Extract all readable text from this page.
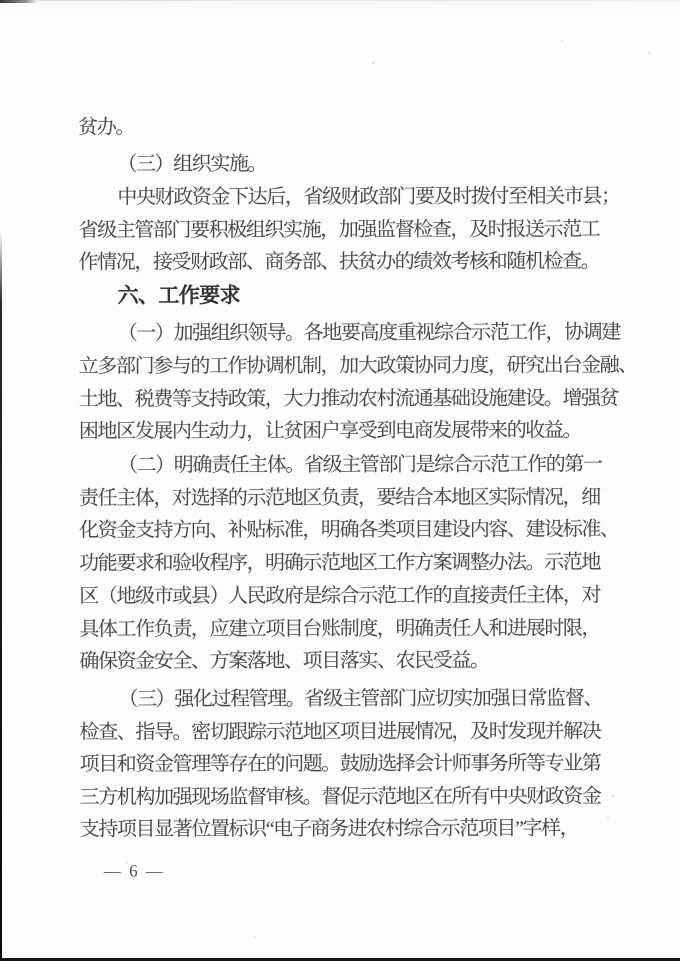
贫办。
（三）组织实施。
中央财政资金下达后，省级财政部门要及时拨付至相关市县；
省级主管部门要积极组织实施，加强监督检查，及时报送示范工
作情况，接受财政部、商务部、扶贫办的绩效考核和随机检查。
六、工作要求
（一）加强组织领导。各地要高度重视综合示范工作，协调建
立多部门参与的工作协调机制，加大政策协同力度，研究出台金融、
土地、税费等支持政策，大力推动农村流通基础设施建设。增强贫
困地区发展内生动力，让贫困户享受到电商发展带来的收益。
（二）明确责任主体。省级主管部门是综合示范工作的第一
责任主体，对选择的示范地区负责，要结合本地区实际情况，细
化资金支持方向、补贴标准，明确各类项目建设内容、建设标准、
功能要求和验收程序，明确示范地区工作方案调整办法。示范地
区（地级市或县）人民政府是综合示范工作的直接责任主体，对
具体工作负责，应建立项目台账制度，明确责任人和进展时限，
确保资金安全、方案落地、项目落实、农民受益。
（三）强化过程管理。省级主管部门应切实加强日常监督、
检查、指导。密切跟踪示范地区项目进展情况，及时发现并解决
项目和资金管理等存在的问题。鼓励选择会计师事务所等专业第
三方机构加强现场监督审核。督促示范地区在所有中央财政资金
支持项目显著位置标识“电子商务进农村综合示范项目”字样，
— 6 —
